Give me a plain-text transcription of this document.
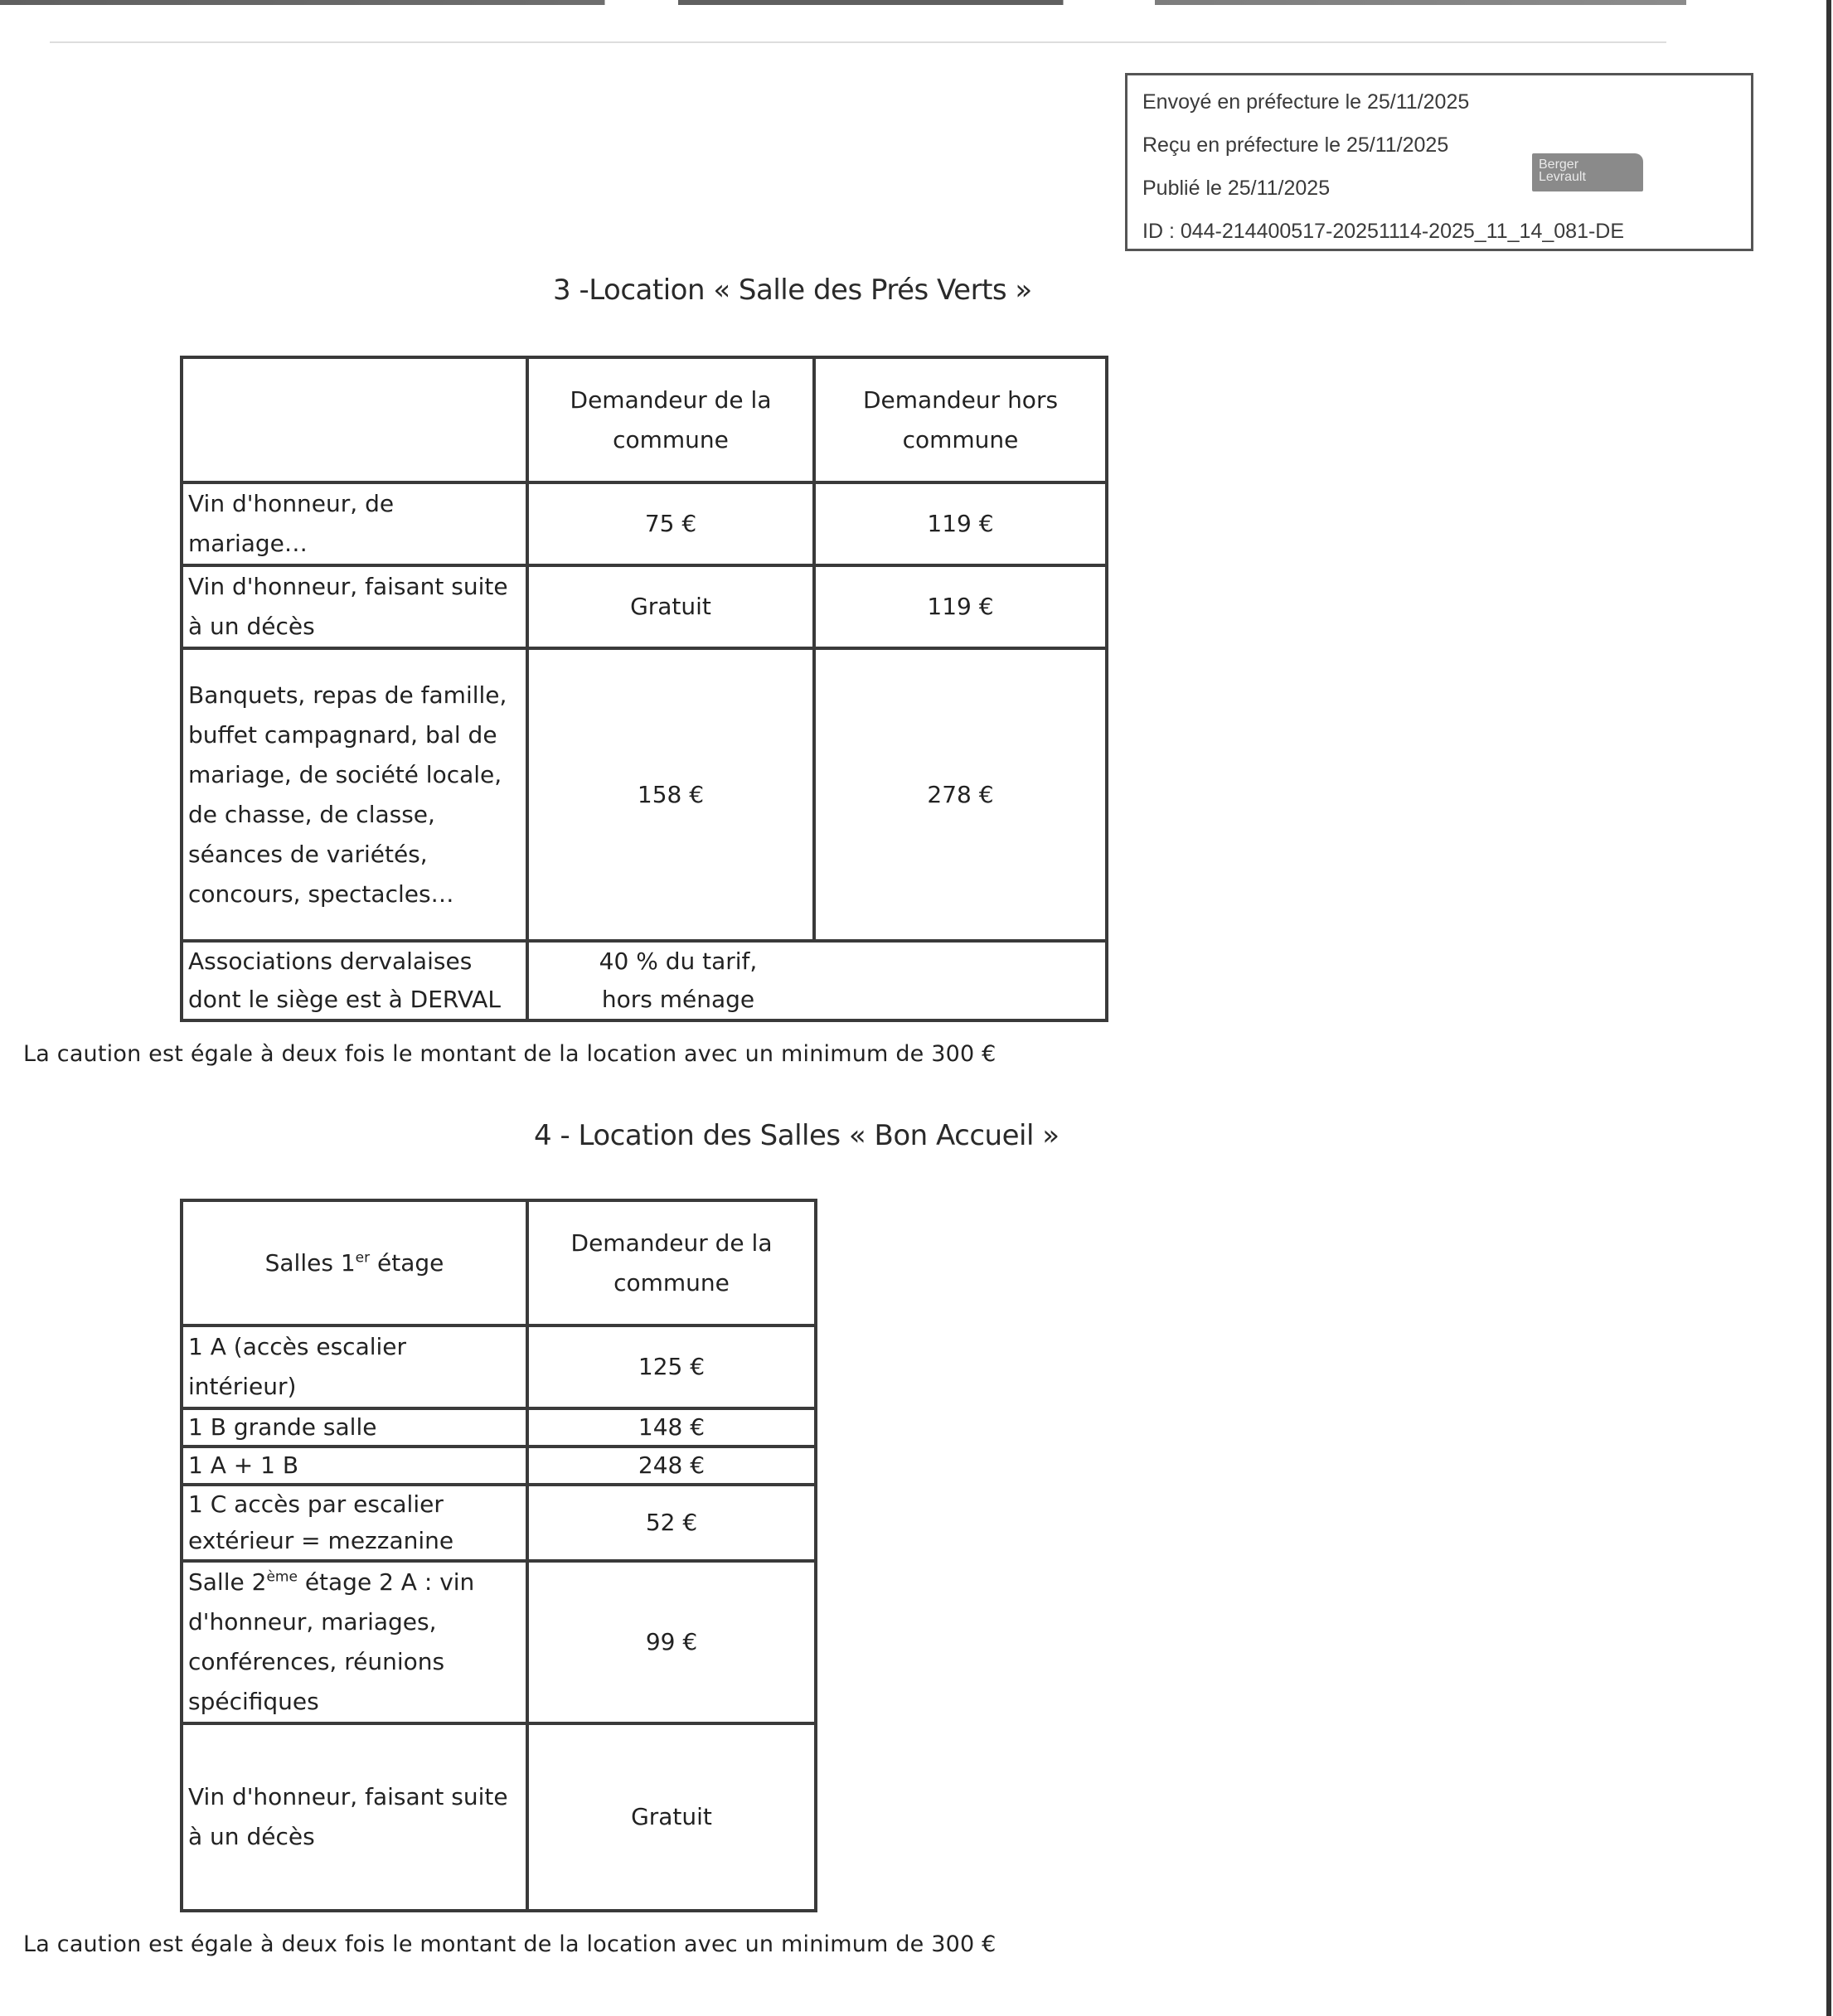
Envoyé en préfecture le 25/11/2025
Reçu en préfecture le 25/11/2025
Publié le 25/11/2025
ID : 044-214400517-20251114-2025_11_14_081-DE
Berger
Levrault
3 -Location « Salle des Prés Verts »
	Demandeur de la commune	Demandeur hors commune
Vin d'honneur, de mariage…	75 €	119 €
Vin d'honneur, faisant suite à un décès	Gratuit	119 €
Banquets, repas de famille, buffet campagnard, bal de mariage, de société locale, de chasse, de classe, séances de variétés, concours, spectacles…	158 €	278 €
Associations dervalaises dont le siège est à DERVAL	40 % du tarif, hors ménage	
La caution est égale à deux fois le montant de la location avec un minimum de 300 €
4 - Location des Salles « Bon Accueil »
Salles 1er étage	Demandeur de la commune
1 A (accès escalier intérieur)	125 €
1 B grande salle	148 €
1 A + 1 B	248 €
1 C accès par escalier extérieur = mezzanine	52 €
Salle 2ème étage 2 A : vin d'honneur, mariages, conférences, réunions spécifiques	99 €
Vin d'honneur, faisant suite à un décès	Gratuit
La caution est égale à deux fois le montant de la location avec un minimum de 300 €
